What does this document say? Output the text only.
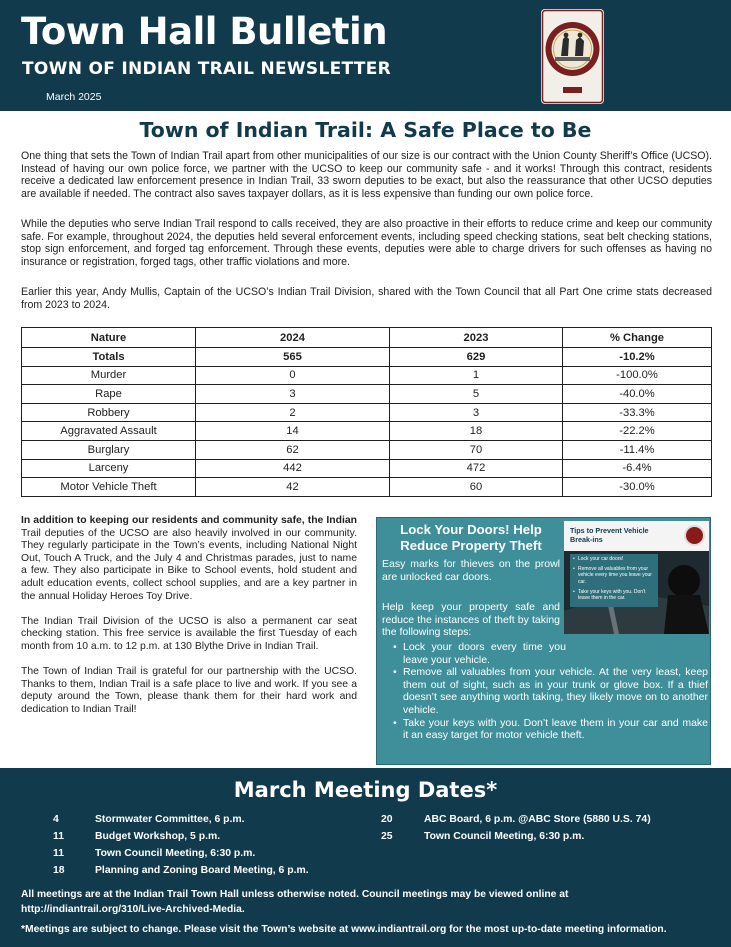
Town Hall Bulletin
TOWN OF INDIAN TRAIL NEWSLETTER
March 2025
Town of Indian Trail: A Safe Place to Be

One thing that sets the Town of Indian Trail apart from other municipalities of our size is our contract with the Union County Sheriff’s Office (UCSO). Instead of having our own police force, we partner with the UCSO to keep our community safe - and it works! Through this contract, residents receive a dedicated law enforcement presence in Indian Trail, 33 sworn deputies to be exact, but also the reassurance that other UCSO deputies are available if needed. The contract also saves taxpayer dollars, as it is less expensive than funding our own police force.

While the deputies who serve Indian Trail respond to calls received, they are also proactive in their efforts to reduce crime and keep our community safe. For example, throughout 2024, the deputies held several enforcement events, including speed checking stations, seat belt checking stations, stop sign enforcement, and forged tag enforcement. Through these events, deputies were able to charge drivers for such offenses as having no insurance or registration, forged tags, other traffic violations and more.

Earlier this year, Andy Mullis, Captain of the UCSO’s Indian Trail Division, shared with the Town Council that all Part One crime stats decreased from 2023 to 2024.

Nature	2024	2023	% Change
Totals	565	629	-10.2%
Murder	0	1	-100.0%
Rape	3	5	-40.0%
Robbery	2	3	-33.3%
Aggravated Assault	14	18	-22.2%
Burglary	62	70	-11.4%
Larceny	442	472	-6.4%
Motor Vehicle Theft	42	60	-30.0%

In addition to keeping our residents and community safe, the Indian Trail deputies of the UCSO are also heavily involved in our community. They regularly participate in the Town’s events, including National Night Out, Touch A Truck, and the July 4 and Christmas parades, just to name a few. They also participate in Bike to School events, hold student and adult education events, collect school supplies, and are a key partner in the annual Holiday Heroes Toy Drive.

The Indian Trail Division of the UCSO is also a permanent car seat checking station. This free service is available the first Tuesday of each month from 10 a.m. to 12 p.m. at 130 Blythe Drive in Indian Trail.

The Town of Indian Trail is grateful for our partnership with the UCSO. Thanks to them, Indian Trail is a safe place to live and work. If you see a deputy around the Town, please thank them for their hard work and dedication to Indian Trail!

Lock Your Doors! Help Reduce Property Theft
Easy marks for thieves on the prowl are unlocked car doors.
Help keep your property safe and reduce the instances of theft by taking the following steps:
Tips to Prevent Vehicle Break-ins
• Lock your car doors!
• Remove all valuables from your vehicle every time you leave your car.
• Take your keys with you. Don't leave them in the car.
• Lock your doors every time you leave your vehicle.
• Remove all valuables from your vehicle. At the very least, keep them out of sight, such as in your trunk or glove box. If a thief doesn’t see anything worth taking, they likely move on to another vehicle.
• Take your keys with you. Don’t leave them in your car and make it an easy target for motor vehicle theft.
March Meeting Dates*
4	Stormwater Committee, 6 p.m.
11	Budget Workshop, 5 p.m.
11	Town Council Meeting, 6:30 p.m.
18	Planning and Zoning Board Meeting, 6 p.m.
20	ABC Board, 6 p.m. @ABC Store (5880 U.S. 74)
25	Town Council Meeting, 6:30 p.m.
All meetings are at the Indian Trail Town Hall unless otherwise noted. Council meetings may be viewed online at http://indiantrail.org/310/Live-Archived-Media.
*Meetings are subject to change. Please visit the Town’s website at www.indiantrail.org for the most up-to-date meeting information.
